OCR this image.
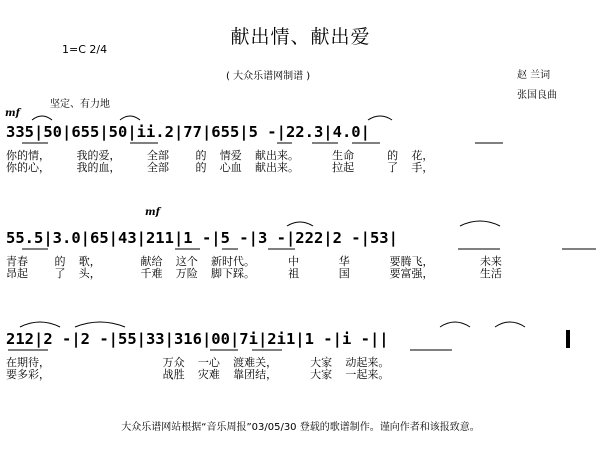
献出情、献出爱
1=C 2/4
( 大众乐谱网制谱 )	赵 兰词
张国良曲
坚定、有力地
mf
mf
335|50|655|50|ii.2|77|655|5 -|22.3|4.0|
你的情，    我的爱，    全部    的  情爱  献出来。     生命     的  花，
你的心，    我的血，    全部    的  心血  献出来。     拉起     了  手，
55.5|3.0|65|43|211|1 -|5 -|3 -|222|2 -|53|
青春    的  歌，      献给  这个  新时代。     中      华      要腾飞，       未来
昂起    了  头，      千难  万险  脚下踩。     祖      国      要富强，       生活
212|2 -|2 -|55|33|316|00|7i|2i1|1 -|i -||
在期待，                 万众  一心  渡难关，     大家  动起来。
要多彩，                 战胜  灾难  靠团结，     大家  一起来。
大众乐谱网站根据“音乐周报”03/05/30 登载的歌谱制作。谨向作者和该报致意。
